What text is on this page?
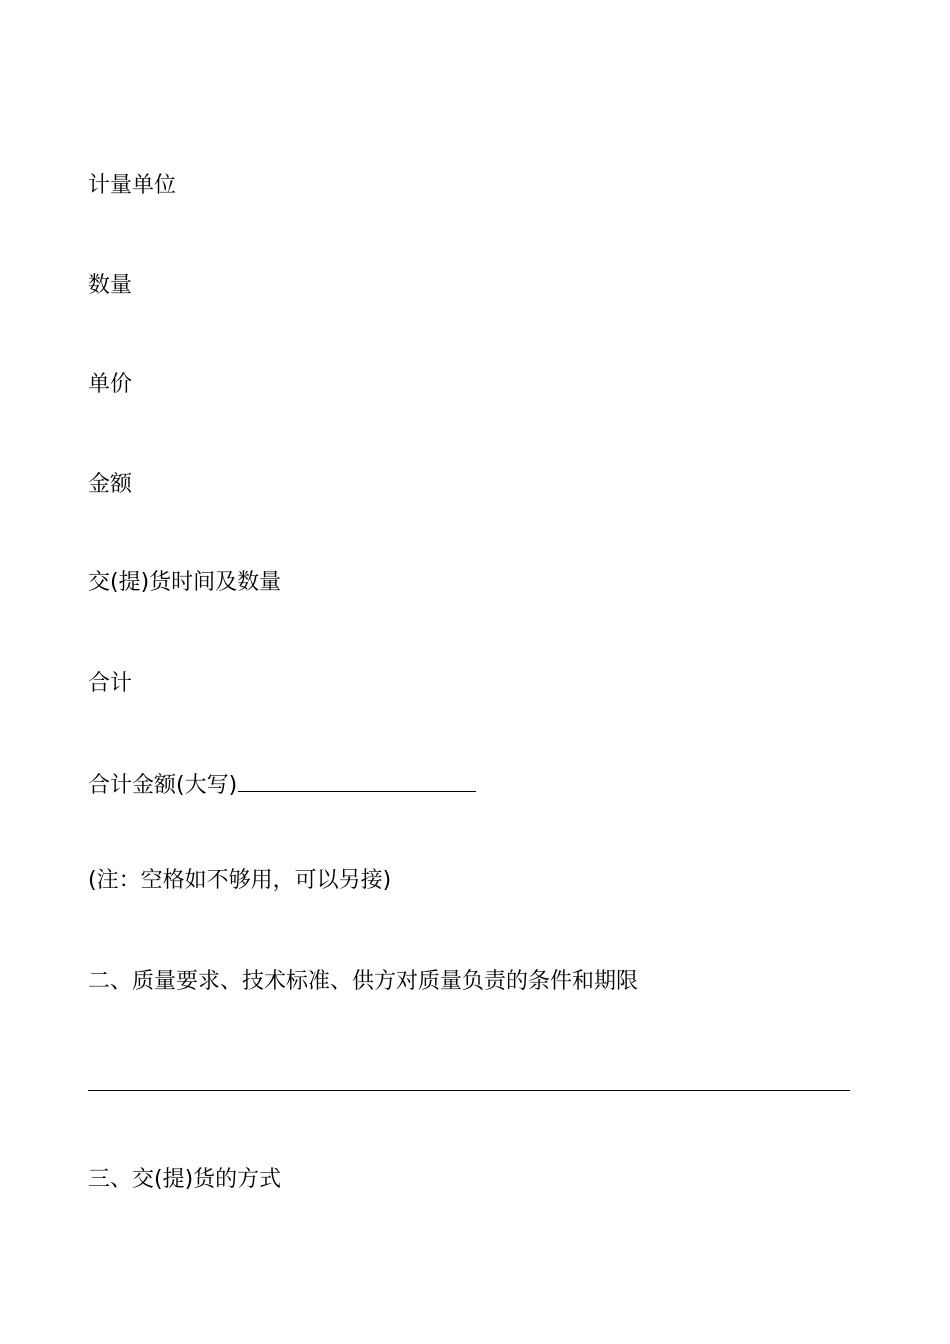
计量单位
数量
单价
金额
交(提)货时间及数量
合计
合计金额(大写)
(注：空格如不够用，可以另接)
二、质量要求、技术标准、供方对质量负责的条件和期限
三、交(提)货的方式
